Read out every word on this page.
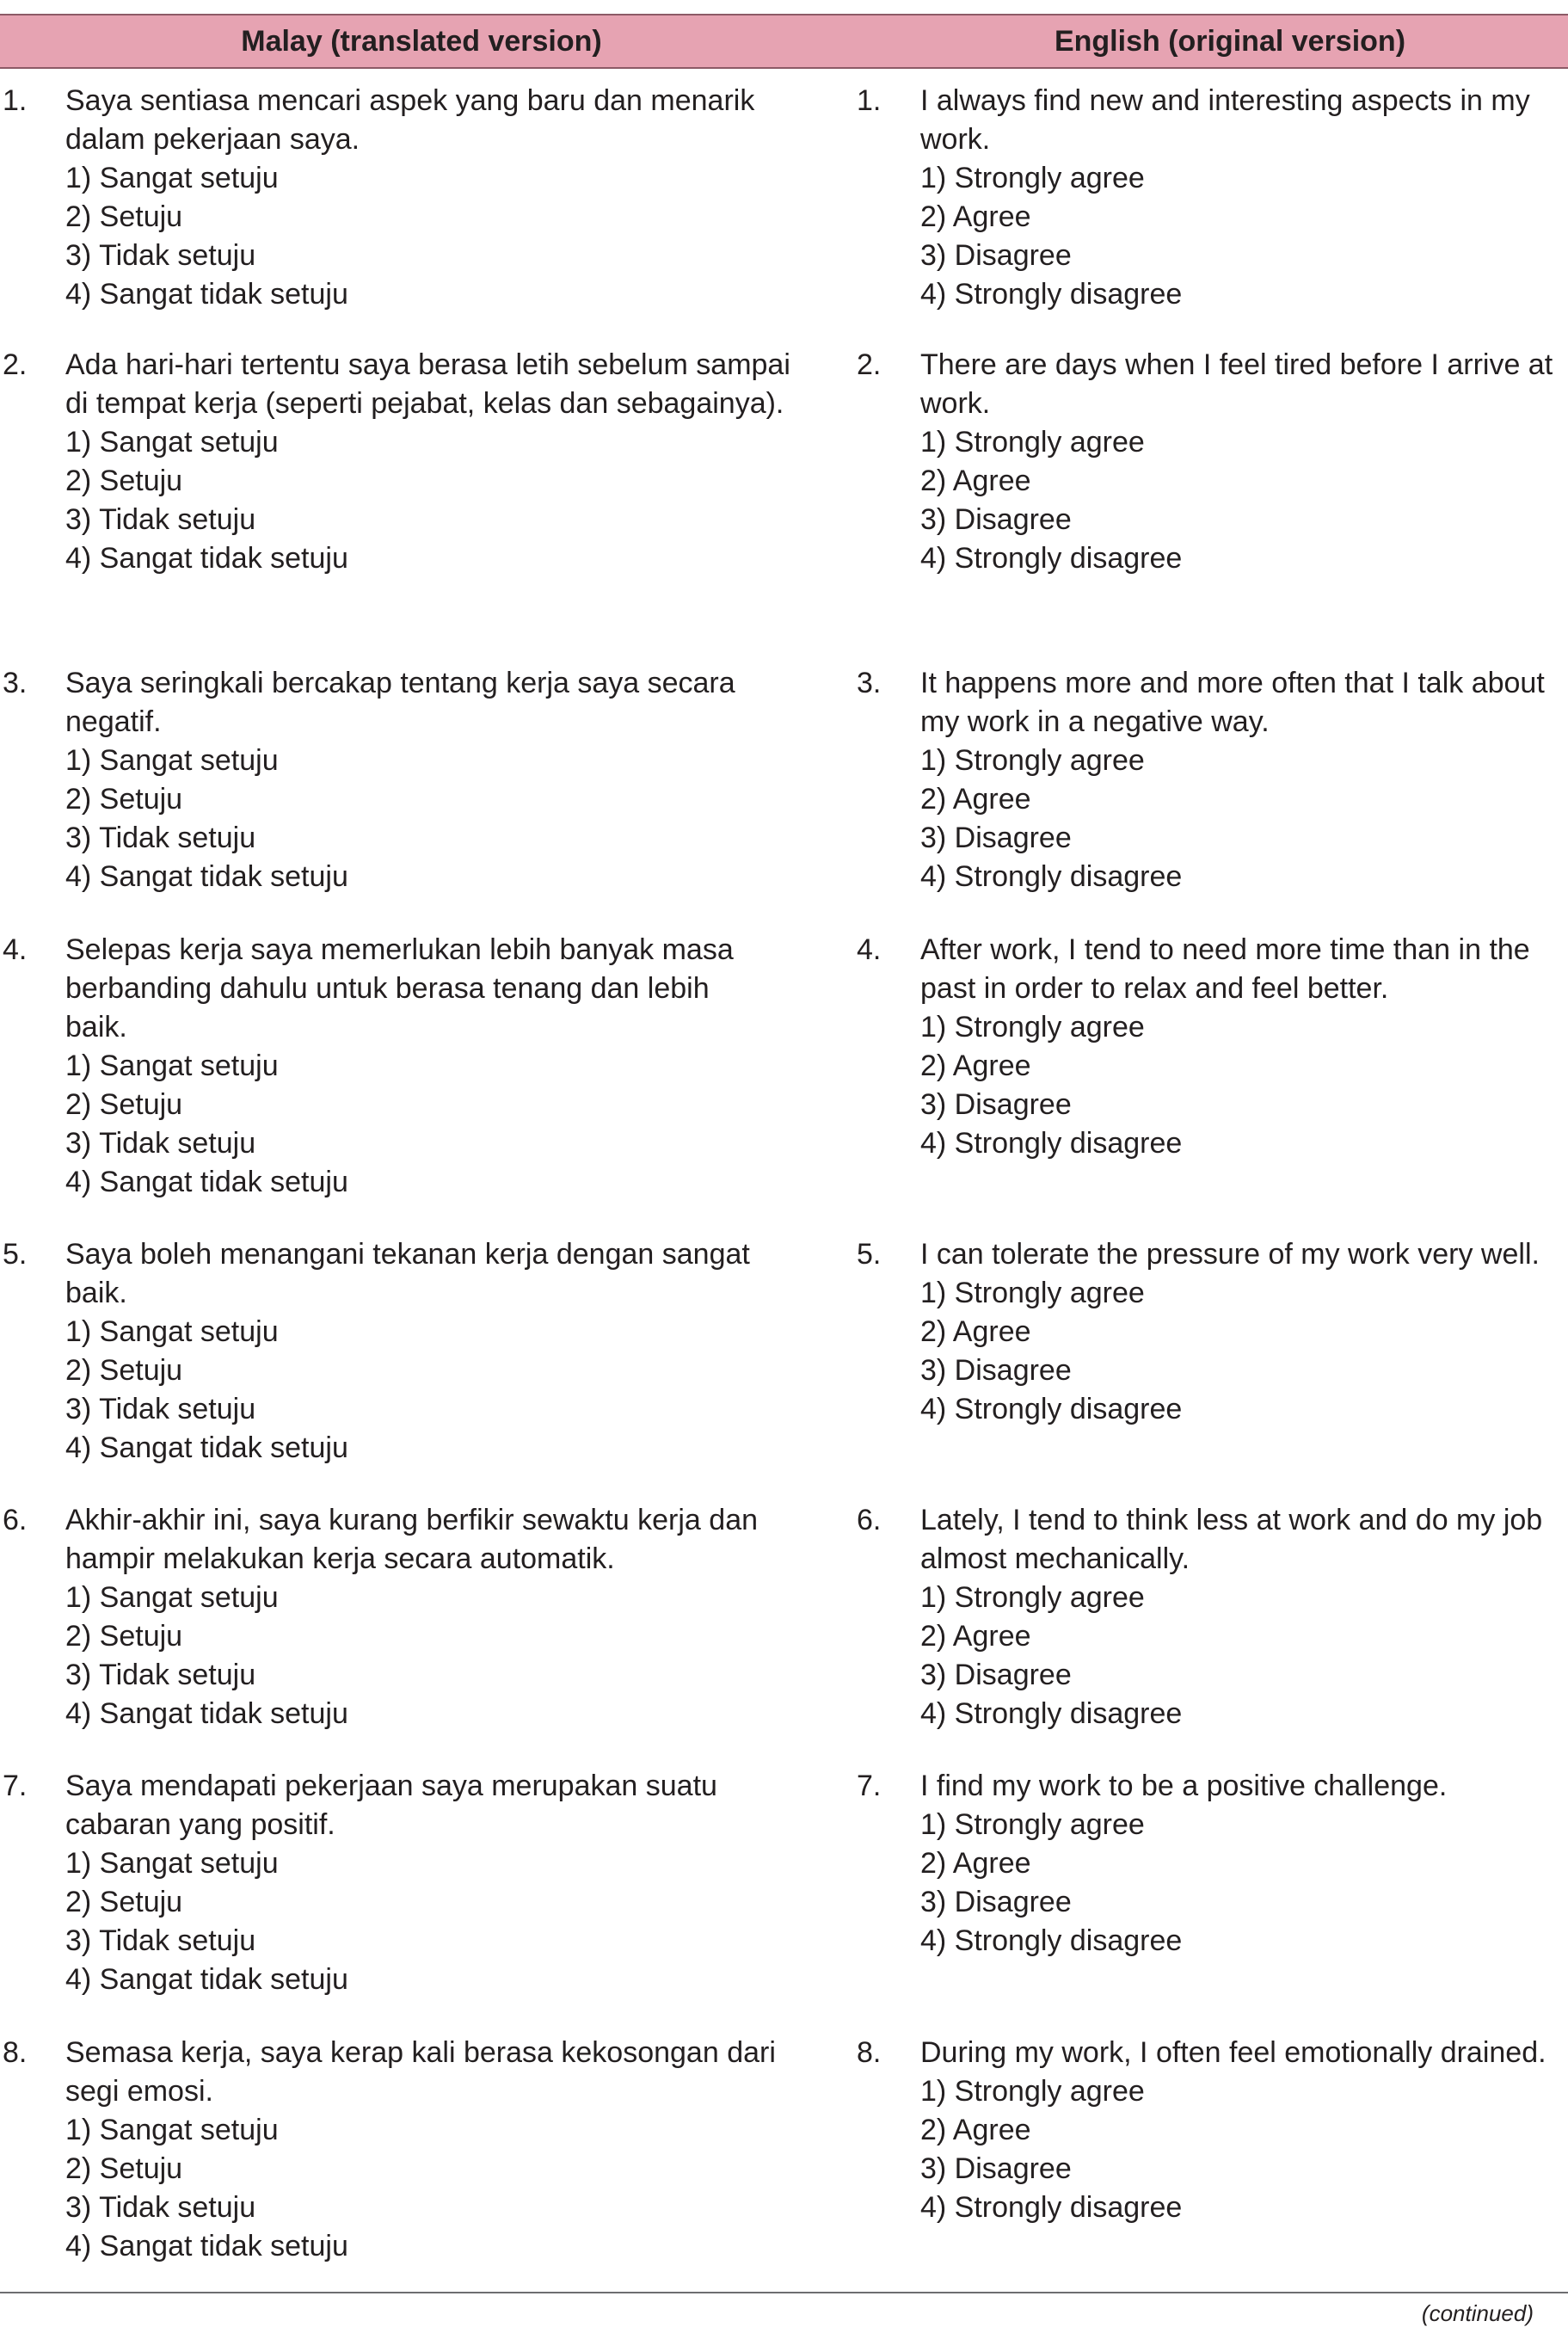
Malay (translated version)	English (original version)
1. Saya sentiasa mencari aspek yang baru dan menarik
dalam pekerjaan saya.
1) Sangat setuju
2) Setuju
3) Tidak setuju
4) Sangat tidak setuju
1. I always find new and interesting aspects in my
work.
1) Strongly agree
2) Agree
3) Disagree
4) Strongly disagree
2. Ada hari-hari tertentu saya berasa letih sebelum sampai
di tempat kerja (seperti pejabat, kelas dan sebagainya).
1) Sangat setuju
2) Setuju
3) Tidak setuju
4) Sangat tidak setuju
2. There are days when I feel tired before I arrive at
work.
1) Strongly agree
2) Agree
3) Disagree
4) Strongly disagree
3. Saya seringkali bercakap tentang kerja saya secara
negatif.
1) Sangat setuju
2) Setuju
3) Tidak setuju
4) Sangat tidak setuju
3. It happens more and more often that I talk about
my work in a negative way.
1) Strongly agree
2) Agree
3) Disagree
4) Strongly disagree
4. Selepas kerja saya memerlukan lebih banyak masa
berbanding dahulu untuk berasa tenang dan lebih
baik.
1) Sangat setuju
2) Setuju
3) Tidak setuju
4) Sangat tidak setuju
4. After work, I tend to need more time than in the
past in order to relax and feel better.
1) Strongly agree
2) Agree
3) Disagree
4) Strongly disagree
5. Saya boleh menangani tekanan kerja dengan sangat
baik.
1) Sangat setuju
2) Setuju
3) Tidak setuju
4) Sangat tidak setuju
5. I can tolerate the pressure of my work very well.
1) Strongly agree
2) Agree
3) Disagree
4) Strongly disagree
6. Akhir-akhir ini, saya kurang berfikir sewaktu kerja dan
hampir melakukan kerja secara automatik.
1) Sangat setuju
2) Setuju
3) Tidak setuju
4) Sangat tidak setuju
6. Lately, I tend to think less at work and do my job
almost mechanically.
1) Strongly agree
2) Agree
3) Disagree
4) Strongly disagree
7. Saya mendapati pekerjaan saya merupakan suatu
cabaran yang positif.
1) Sangat setuju
2) Setuju
3) Tidak setuju
4) Sangat tidak setuju
7. I find my work to be a positive challenge.
1) Strongly agree
2) Agree
3) Disagree
4) Strongly disagree
8. Semasa kerja, saya kerap kali berasa kekosongan dari
segi emosi.
1) Sangat setuju
2) Setuju
3) Tidak setuju
4) Sangat tidak setuju
8. During my work, I often feel emotionally drained.
1) Strongly agree
2) Agree
3) Disagree
4) Strongly disagree
(continued)
